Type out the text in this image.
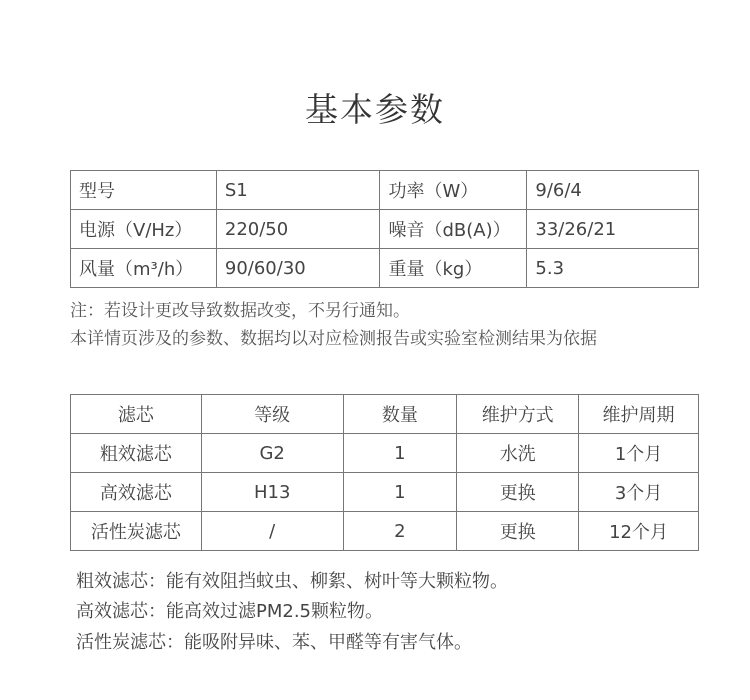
基本参数
型号	S1	功率（W）	9/6/4
电源（V/Hz）	220/50	噪音（dB(A)）	33/26/21
风量（m³/h）	90/60/30	重量（kg）	5.3
注：若设计更改导致数据改变，不另行通知。
本详情页涉及的参数、数据均以对应检测报告或实验室检测结果为依据
滤芯	等级	数量	维护方式	维护周期
粗效滤芯	G2	1	水洗	1个月
高效滤芯	H13	1	更换	3个月
活性炭滤芯	/	2	更换	12个月
粗效滤芯：能有效阻挡蚊虫、柳絮、树叶等大颗粒物。
高效滤芯：能高效过滤PM2.5颗粒物。
活性炭滤芯：能吸附异味、苯、甲醛等有害气体。
